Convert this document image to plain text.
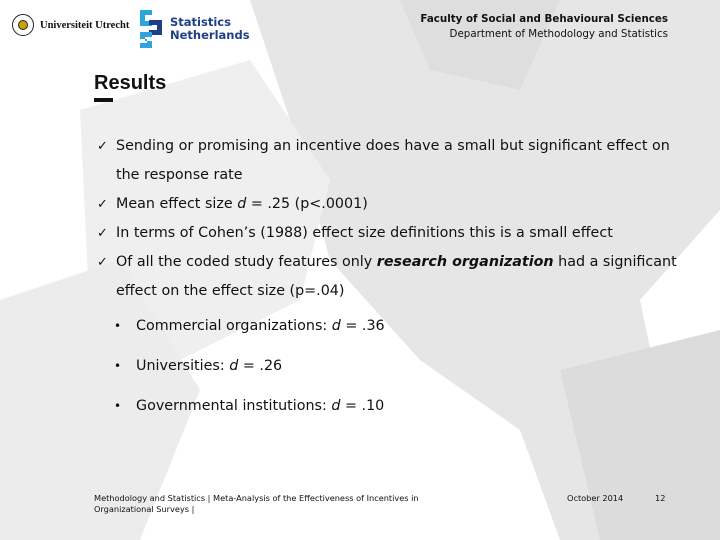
Universiteit Utrecht	Statistics
Netherlands
Faculty of Social and Behavioural Sciences
Department of Methodology and Statistics
Results
✓ Sending or promising an incentive does have a small but significant effect on the response rate
✓ Mean effect size d = .25 (p<.0001)
✓ In terms of Cohen’s (1988) effect size definitions this is a small effect
✓ Of all the coded study features only research organization had a significant effect on the effect size (p=.04)
• Commercial organizations: d = .36
• Universities: d = .26
• Governmental institutions: d = .10
Methodology and Statistics | Meta-Analysis of the Effectiveness of Incentives in Organizational Surveys |
October 2014	12
